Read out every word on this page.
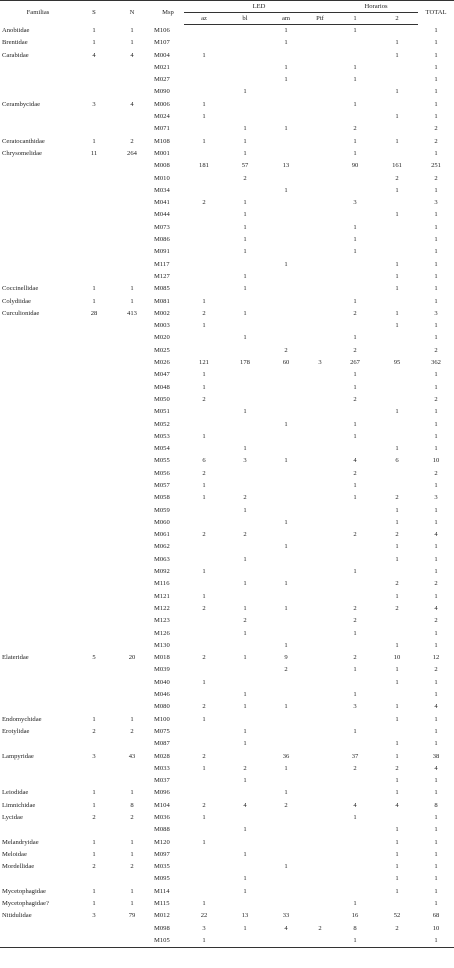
Familias	S	N	Msp	LED				Horarios		TOTAL
				az	bl	am	Ptf	1	2	
Anobiidae	1	1	M106			1		1		1
Brentidae	1	1	M107			1			1	1
Carabidae	4	4	M004	1					1	1
			M021			1		1		1
			M027			1		1		1
			M090		1				1	1
Cerambycidae	3	4	M006	1				1		1
			M024	1					1	1
			M071		1	1		2		2
Ceratocanthidae	1	2	M108	1	1			1	1	2
Chrysomelidae	11	264	M001		1			1		1
			M008	181	57	13		90	161	251
			M010		2				2	2
			M034			1			1	1
			M041	2	1			3		3
			M044		1				1	1
			M073		1			1		1
			M086		1			1		1
			M091		1			1		1
			M117			1			1	1
			M127		1				1	1
Coccinellidae	1	1	M085		1				1	1
Colydiidae	1	1	M081	1				1		1
Curculionidae	28	413	M002	2	1			2	1	3
			M003	1					1	1
			M020		1			1		1
			M025			2		2		2
			M026	121	178	60	3	267	95	362
			M047	1				1		1
			M048	1				1		1
			M050	2				2		2
			M051		1				1	1
			M052			1		1		1
			M053	1				1		1
			M054		1				1	1
			M055	6	3	1		4	6	10
			M056	2				2		2
			M057	1				1		1
			M058	1	2			1	2	3
			M059		1				1	1
			M060			1			1	1
			M061	2	2			2	2	4
			M062			1			1	1
			M063		1				1	1
			M092	1				1		1
			M116		1	1			2	2
			M121	1					1	1
			M122	2	1	1		2	2	4
			M123		2			2		2
			M126		1			1		1
			M130			1			1	1
Elateridae	5	20	M018	2	1	9		2	10	12
			M039			2		1	1	2
			M040	1					1	1
			M046		1			1		1
			M080	2	1	1		3	1	4
Endomychidae	1	1	M100	1					1	1
Erotylidae	2	2	M075		1			1		1
			M087		1				1	1
Lampyridae	3	43	M028	2		36		37	1	38
			M033	1	2	1		2	2	4
			M037		1				1	1
Leiodidae	1	1	M096			1			1	1
Limnichidae	1	8	M104	2	4	2		4	4	8
Lycidae	2	2	M036	1				1		1
			M088		1				1	1
Melandryidae	1	1	M120	1					1	1
Meloidae	1	1	M097		1				1	1
Mordellidae	2	2	M035			1			1	1
			M095		1				1	1
Mycetophagidae	1	1	M114		1				1	1
Mycetophagidae?	1	1	M115	1				1		1
Nitidulidae	3	79	M012	22	13	33		16	52	68
			M098	3	1	4	2	8	2	10
			M105	1				1		1
